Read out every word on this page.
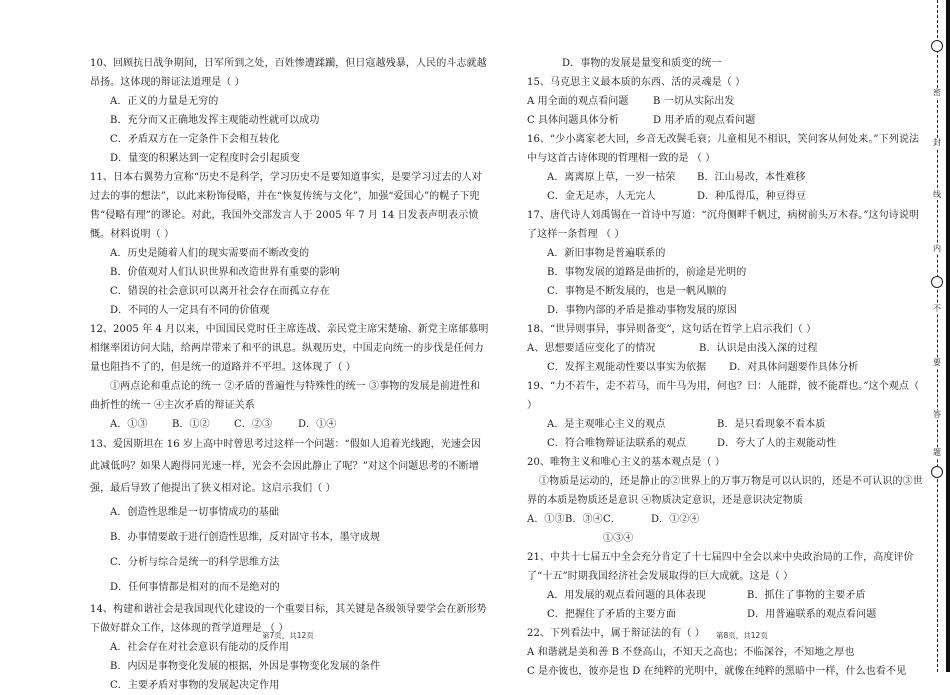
10、回顾抗日战争期间，日军所到之处，百姓惨遭蹂躏，但日寇越残暴，人民的斗志就越昂扬。这体现的辩证法道理是（ ）

A．正义的力量是无穷的

B．充分而又正确地发挥主观能动性就可以成功

C．矛盾双方在一定条件下会相互转化

D．量变的积累达到一定程度时会引起质变

11、日本右翼势力宣称“历史不是科学，学习历史不是要知道事实，是要学习过去的人对过去的事的想法”，以此来粉饰侵略，并在“恢复传统与文化”，加强“爱国心”的幌子下兜售“侵略有理”的谬论。对此，我国外交部发言人于 2005 年 7 月 14 日发表声明表示愤慨。材料说明（ ）

A．历史是随着人们的现实需要而不断改变的

B．价值观对人们认识世界和改造世界有重要的影响

C．错误的社会意识可以离开社会存在而孤立存在

D．不同的人一定具有不同的价值观

12、2005 年 4 月以来，中国国民党时任主席连战、亲民党主席宋楚瑜、新党主席郁慕明相继率团访问大陆，给两岸带来了和平的讯息。纵观历史，中国走向统一的步伐是任何力量也阻挡不了的，但是统一的道路并不平坦。这体现了（ ）

①两点论和重点论的统一 ②矛盾的普遍性与特殊性的统一 ③事物的发展是前进性和曲折性的统一 ④主次矛盾的辩证关系

A．①③	B．①②	C．②③	D．①④

13、爱因斯坦在 16 岁上高中时曾思考过这样一个问题：“假如人追着光线跑，光速会因此减低吗？如果人跑得同光速一样，光会不会因此静止了呢？”对这个问题思考的不断增强，最后导致了他提出了狭义相对论。这启示我们（ ）

A．创造性思维是一切事情成功的基础

B．办事情要敢于进行创造性思维，反对固守书本，墨守成规

C．分析与综合是统一的科学思维方法

D．任何事情都是相对的而不是绝对的

14、构建和谐社会是我国现代化建设的一个重要目标，其关键是各级领导要学会在新形势下做好群众工作，这体现的哲学道理是 （ ）

A．社会存在对社会意识有能动的反作用

B．内因是事物变化发展的根据，外因是事物变化发展的条件

C．主要矛盾对事物的发展起决定作用

D．事物的发展是量变和质变的统一

15、马克思主义最本质的东西、活的灵魂是（ ）

A 用全面的观点看问题	B 一切从实际出发
C 具体问题具体分析	D 用矛盾的观点看问题

16、“少小离家老大回，乡音无改鬓毛衰；儿童相见不相识，笑问客从何处来。”下列说法中与这首古诗体现的哲理相一致的是 （ ）

A．离离原上草，一岁一枯荣	B．江山易改，本性难移
C．金无足赤，人无完人	D．种瓜得瓜，种豆得豆

17、唐代诗人刘禹锡在一首诗中写道：“沉舟侧畔千帆过，病树前头万木春。”这句诗说明了这样一条哲理 （ ）

A．新旧事物是普遍联系的

B．事物发展的道路是曲折的，前途是光明的

C．事物是不断发展的，也是一帆风顺的

D．事物内部的矛盾是推动事物发展的原因

18、“世异则事异，事异则备变”，这句话在哲学上启示我们（ ）

A、思想要适应变化了的情况	B．认识是由浅入深的过程
C．发挥主观能动性要以事实为依据	D．对具体问题要作具体分析

19、“力不若牛，走不若马，而牛马为用，何也？曰：人能群，彼不能群也。”这个观点（ ）

A．是主观唯心主义的观点	B．是只看现象不看本质
C．符合唯物辩证法联系的观点	D．夸大了人的主观能动性

20、唯物主义和唯心主义的基本观点是（ ）

①物质是运动的，还是静止的②世界上的万事万物是可以认识的，还是不可认识的③世界的本质是物质还是意识 ④物质决定意识，还是意识决定物质

A．①③ B．③④ C．①③④
D．①②④

21、中共十七届五中全会充分肯定了十七届四中全会以来中央政治局的工作，高度评价了“十五”时期我国经济社会发展取得的巨大成就。这是（ ）

A．用发展的观点看问题的具体表现	B．抓住了事物的主要矛盾
C．把握住了矛盾的主要方面	D．用普遍联系的观点看问题

22、下列看法中，属于辩证法的有（ ）

A 和谐就是美和善 B 不登高山，不知天之高也；不临深谷，不知地之厚也

C 是亦彼也，彼亦是也 D 在纯粹的光明中，就像在纯粹的黑暗中一样，什么也看不见

第7页，共12页	第8页，共12页
密
封
线
内
不
要
答
题
